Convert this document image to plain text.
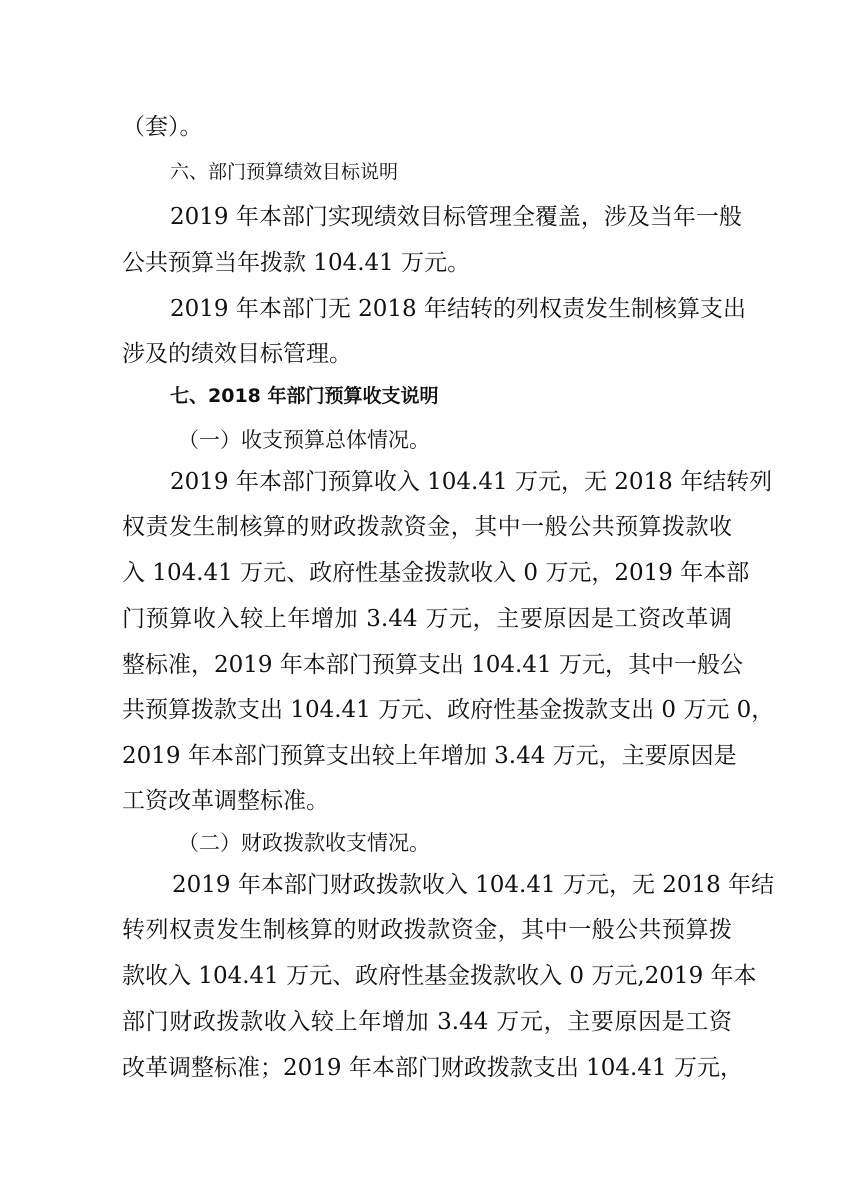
（套）。
六、部门预算绩效目标说明
2019 年本部门实现绩效目标管理全覆盖，涉及当年一般
公共预算当年拨款 104.41 万元。
2019 年本部门无 2018 年结转的列权责发生制核算支出
涉及的绩效目标管理。
七、2018 年部门预算收支说明
（一）收支预算总体情况。
2019 年本部门预算收入 104.41 万元，无 2018 年结转列
权责发生制核算的财政拨款资金，其中一般公共预算拨款收
入 104.41 万元、政府性基金拨款收入 0 万元，2019 年本部
门预算收入较上年增加 3.44 万元，主要原因是工资改革调
整标准，2019 年本部门预算支出 104.41 万元，其中一般公
共预算拨款支出 104.41 万元、政府性基金拨款支出 0 万元 0，
2019 年本部门预算支出较上年增加 3.44 万元，主要原因是
工资改革调整标准。
（二）财政拨款收支情况。
2019 年本部门财政拨款收入 104.41 万元，无 2018 年结
转列权责发生制核算的财政拨款资金，其中一般公共预算拨
款收入 104.41 万元、政府性基金拨款收入 0 万元,2019 年本
部门财政拨款收入较上年增加 3.44 万元，主要原因是工资
改革调整标准；2019 年本部门财政拨款支出 104.41 万元，
